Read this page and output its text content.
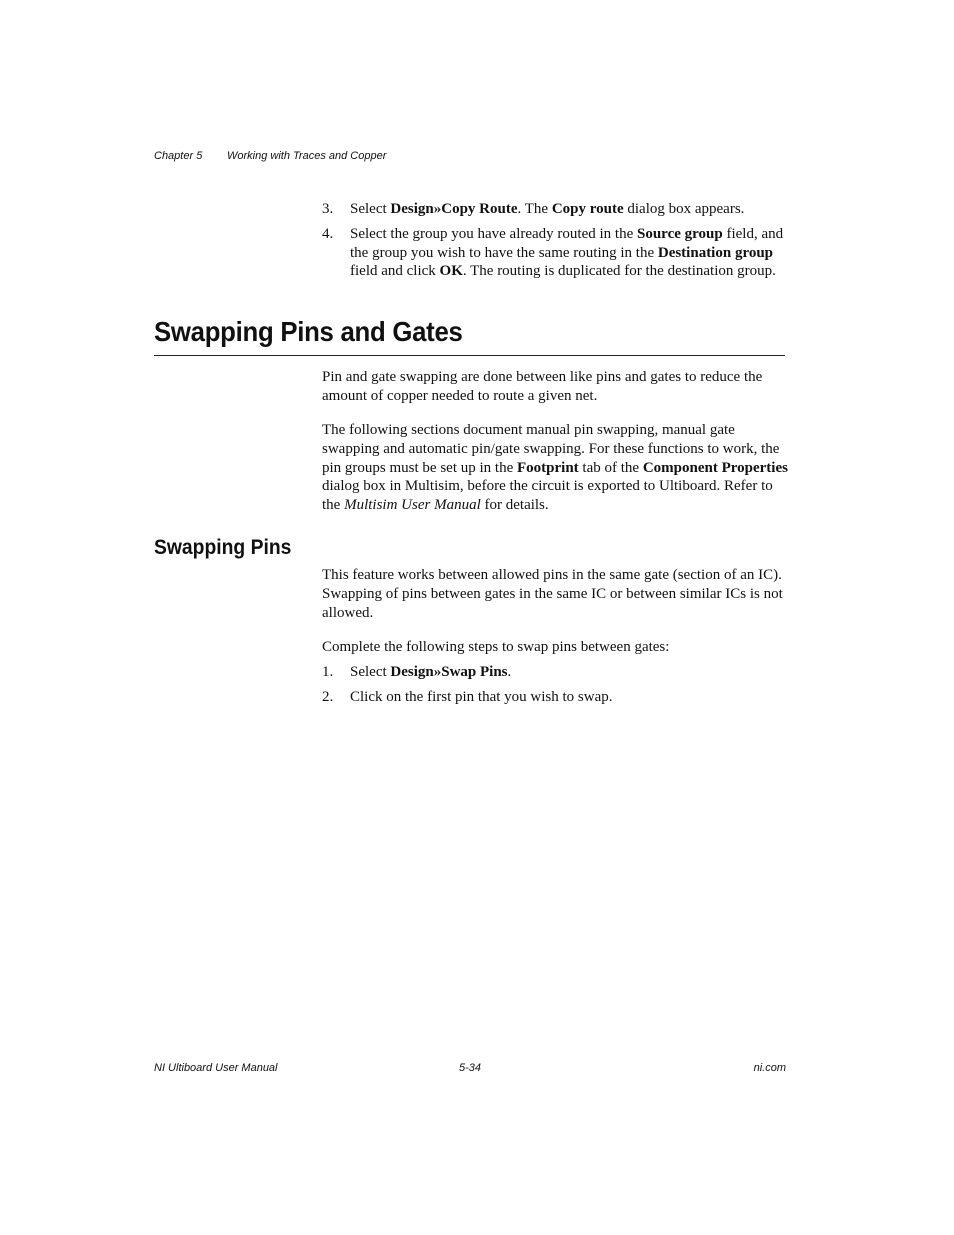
Chapter 5 Working with Traces and Copper
3. Select Design»Copy Route. The Copy route dialog box appears.
4. Select the group you have already routed in the Source group field, and the group you wish to have the same routing in the Destination group field and click OK. The routing is duplicated for the destination group.
Swapping Pins and Gates
Pin and gate swapping are done between like pins and gates to reduce the amount of copper needed to route a given net.
The following sections document manual pin swapping, manual gate swapping and automatic pin/gate swapping. For these functions to work, the pin groups must be set up in the Footprint tab of the Component Properties dialog box in Multisim, before the circuit is exported to Ultiboard. Refer to the Multisim User Manual for details.
Swapping Pins
This feature works between allowed pins in the same gate (section of an IC). Swapping of pins between gates in the same IC or between similar ICs is not allowed.
Complete the following steps to swap pins between gates:
1. Select Design»Swap Pins.
2. Click on the first pin that you wish to swap.
NI Ultiboard User Manual	5-34	ni.com
